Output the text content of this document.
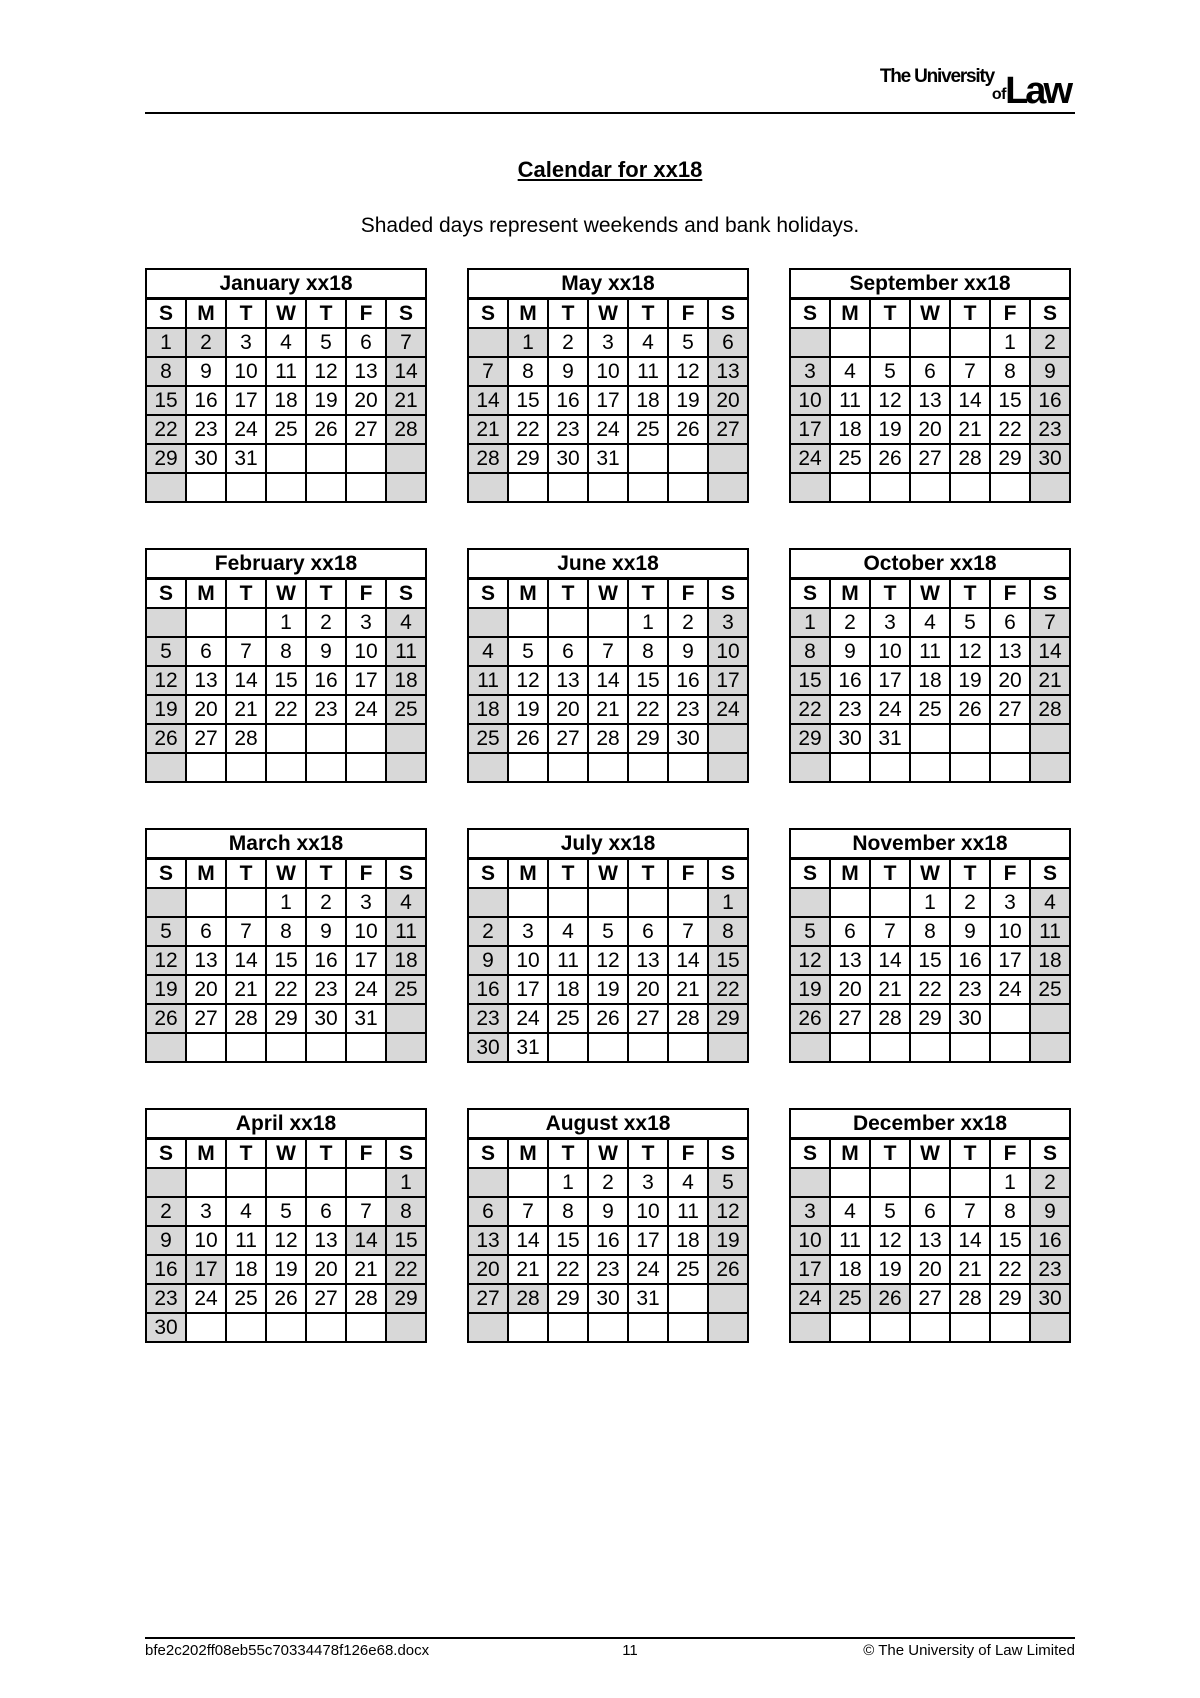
The University
of Law
Calendar for xx18
Shaded days represent weekends and bank holidays.
January xx18						
S	M	T	W	T	F	S
1	2	3	4	5	6	7
8	9	10	11	12	13	14
15	16	17	18	19	20	21
22	23	24	25	26	27	28
29	30	31				

February xx18						
S	M	T	W	T	F	S
			1	2	3	4
5	6	7	8	9	10	11
12	13	14	15	16	17	18
19	20	21	22	23	24	25
26	27	28				

March xx18						
S	M	T	W	T	F	S
			1	2	3	4
5	6	7	8	9	10	11
12	13	14	15	16	17	18
19	20	21	22	23	24	25
26	27	28	29	30	31	

April xx18						
S	M	T	W	T	F	S
						1
2	3	4	5	6	7	8
9	10	11	12	13	14	15
16	17	18	19	20	21	22
23	24	25	26	27	28	29
30						
May xx18						
S	M	T	W	T	F	S
	1	2	3	4	5	6
7	8	9	10	11	12	13
14	15	16	17	18	19	20
21	22	23	24	25	26	27
28	29	30	31			

June xx18						
S	M	T	W	T	F	S
				1	2	3
4	5	6	7	8	9	10
11	12	13	14	15	16	17
18	19	20	21	22	23	24
25	26	27	28	29	30	

July xx18						
S	M	T	W	T	F	S
						1
2	3	4	5	6	7	8
9	10	11	12	13	14	15
16	17	18	19	20	21	22
23	24	25	26	27	28	29
30	31					
August xx18						
S	M	T	W	T	F	S
		1	2	3	4	5
6	7	8	9	10	11	12
13	14	15	16	17	18	19
20	21	22	23	24	25	26
27	28	29	30	31		

September xx18						
S	M	T	W	T	F	S
					1	2
3	4	5	6	7	8	9
10	11	12	13	14	15	16
17	18	19	20	21	22	23
24	25	26	27	28	29	30

October xx18						
S	M	T	W	T	F	S
1	2	3	4	5	6	7
8	9	10	11	12	13	14
15	16	17	18	19	20	21
22	23	24	25	26	27	28
29	30	31				

November xx18						
S	M	T	W	T	F	S
			1	2	3	4
5	6	7	8	9	10	11
12	13	14	15	16	17	18
19	20	21	22	23	24	25
26	27	28	29	30		

December xx18						
S	M	T	W	T	F	S
					1	2
3	4	5	6	7	8	9
10	11	12	13	14	15	16
17	18	19	20	21	22	23
24	25	26	27	28	29	30

bfe2c202ff08eb55c70334478f126e68.docx	11	© The University of Law Limited
